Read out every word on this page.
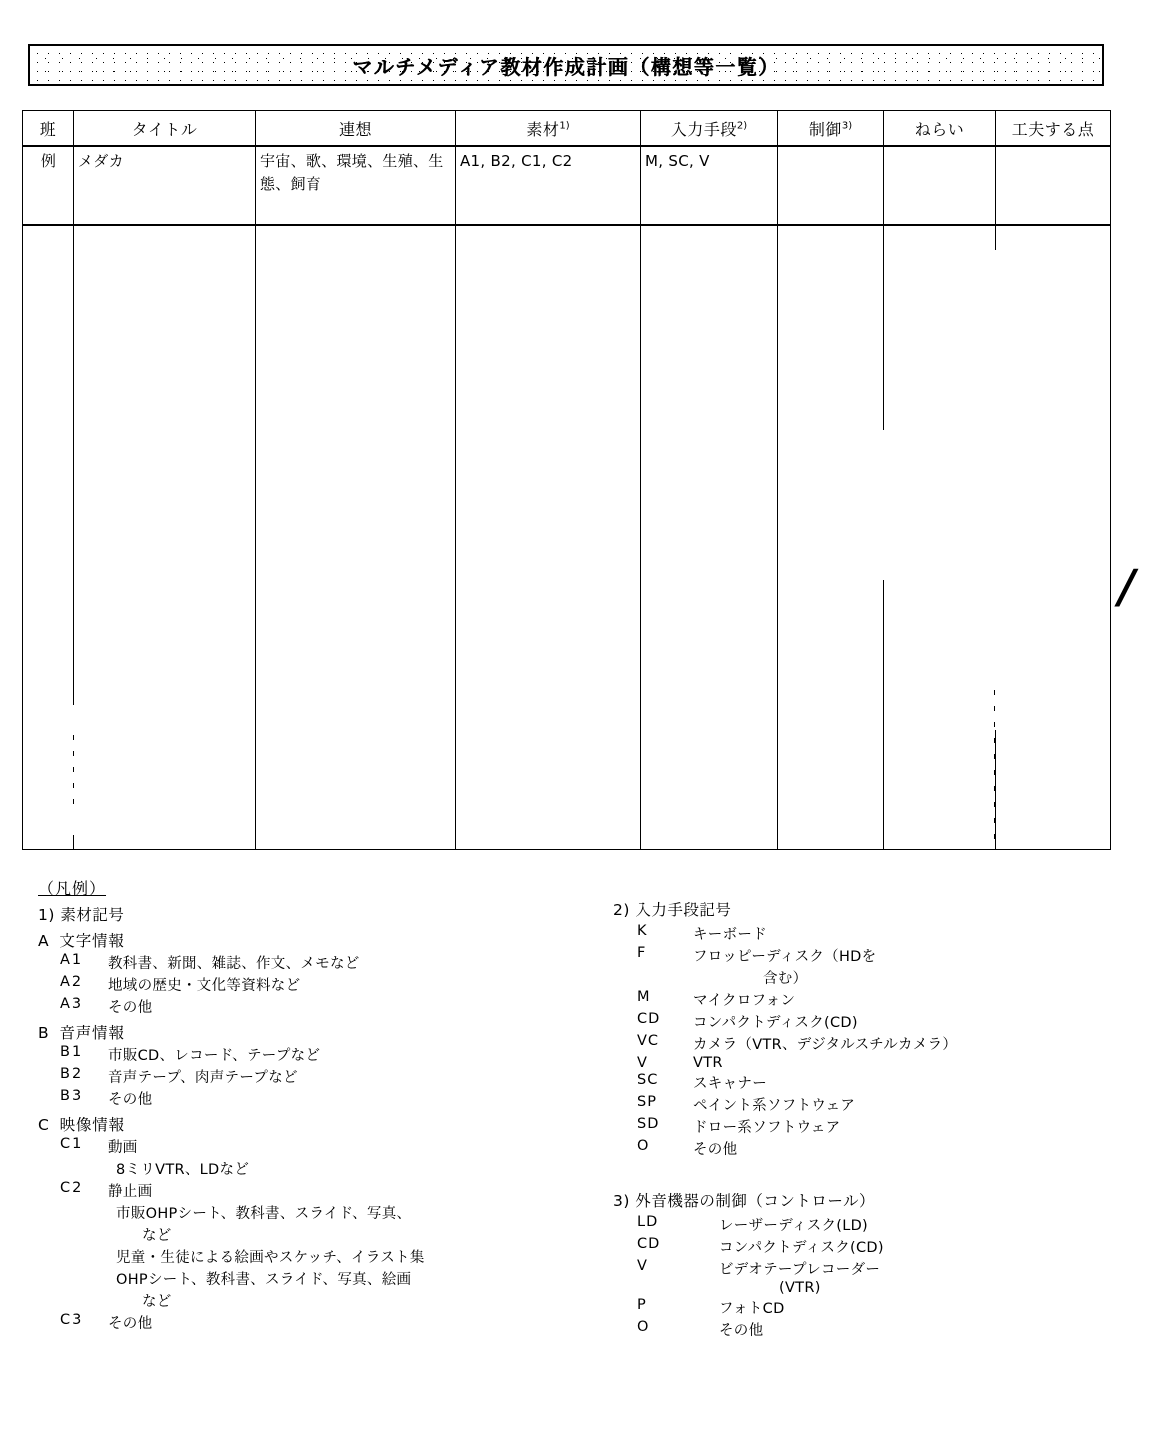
マルチメディア教材作成計画（構想等一覧）
班	タイトル	連想	素材$^{1)}$	入力手段$^{2)}$	制御$^{3)}$	ねらい	工夫する点
例	メダカ	宇宙、歌、環境、生殖、生態、飼育	A1, B2, C1, C2	M, SC, V			

/
（凡例）
1) 素材記号
A 文字情報
A1	教科書、新聞、雑誌、作文、メモなど
A2	地域の歴史・文化等資料など
A3	その他
B 音声情報
B1	市販CD、レコード、テープなど
B2	音声テープ、肉声テープなど
B3	その他
C 映像情報
C1	動画
8ミリVTR、LDなど
C2	静止画
市販OHPシート、教科書、スライド、写真、
など
児童・生徒による絵画やスケッチ、イラスト集
OHPシート、教科書、スライド、写真、絵画
など
C3	その他
2) 入力手段記号
K	キーボード
F	フロッピーディスク（HDを
含む）
M	マイクロフォン
CD	コンパクトディスク(CD)
VC	カメラ（VTR、デジタルスチルカメラ）
V	VTR
SC	スキャナー
SP	ペイント系ソフトウェア
SD	ドロー系ソフトウェア
O	その他
3) 外音機器の制御（コントロール）
LD	レーザーディスク(LD)
CD	コンパクトディスク(CD)
V	ビデオテープレコーダー
(VTR)
P	フォトCD
O	その他
